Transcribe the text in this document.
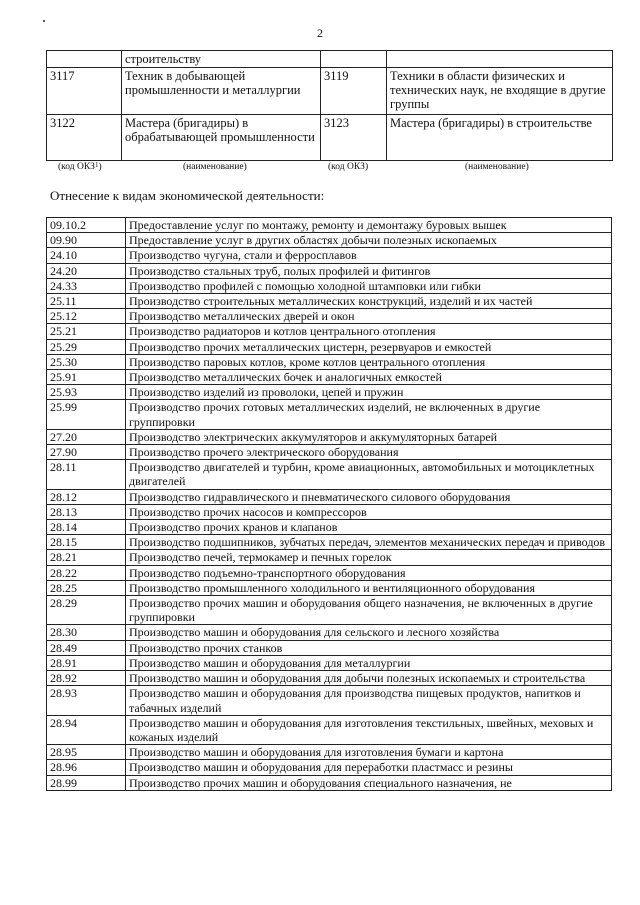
2
	строительству		
3117	Техник в добывающей промышленности и металлургии	3119	Техники в области физических и технических наук, не входящие в другие группы
3122	Мастера (бригадиры) в обрабатывающей промышленности	3123	Мастера (бригадиры) в строительстве
(код ОКЗ$^1$)	(наименование)	(код ОКЗ)	(наименование)
Отнесение к видам экономической деятельности:
09.10.2	Предоставление услуг по монтажу, ремонту и демонтажу буровых вышек
09.90	Предоставление услуг в других областях добычи полезных ископаемых
24.10	Производство чугуна, стали и ферросплавов
24.20	Производство стальных труб, полых профилей и фитингов
24.33	Производство профилей с помощью холодной штамповки или гибки
25.11	Производство строительных металлических конструкций, изделий и их частей
25.12	Производство металлических дверей и окон
25.21	Производство радиаторов и котлов центрального отопления
25.29	Производство прочих металлических цистерн, резервуаров и емкостей
25.30	Производство паровых котлов, кроме котлов центрального отопления
25.91	Производство металлических бочек и аналогичных емкостей
25.93	Производство изделий из проволоки, цепей и пружин
25.99	Производство прочих готовых металлических изделий, не включенных в другие группировки
27.20	Производство электрических аккумуляторов и аккумуляторных батарей
27.90	Производство прочего электрического оборудования
28.11	Производство двигателей и турбин, кроме авиационных, автомобильных и мотоциклетных двигателей
28.12	Производство гидравлического и пневматического силового оборудования
28.13	Производство прочих насосов и компрессоров
28.14	Производство прочих кранов и клапанов
28.15	Производство подшипников, зубчатых передач, элементов механических передач и приводов
28.21	Производство печей, термокамер и печных горелок
28.22	Производство подъемно-транспортного оборудования
28.25	Производство промышленного холодильного и вентиляционного оборудования
28.29	Производство прочих машин и оборудования общего назначения, не включенных в другие группировки
28.30	Производство машин и оборудования для сельского и лесного хозяйства
28.49	Производство прочих станков
28.91	Производство машин и оборудования для металлургии
28.92	Производство машин и оборудования для добычи полезных ископаемых и строительства
28.93	Производство машин и оборудования для производства пищевых продуктов, напитков и табачных изделий
28.94	Производство машин и оборудования для изготовления текстильных, швейных, меховых и кожаных изделий
28.95	Производство машин и оборудования для изготовления бумаги и картона
28.96	Производство машин и оборудования для переработки пластмасс и резины
28.99	Производство прочих машин и оборудования специального назначения, не
